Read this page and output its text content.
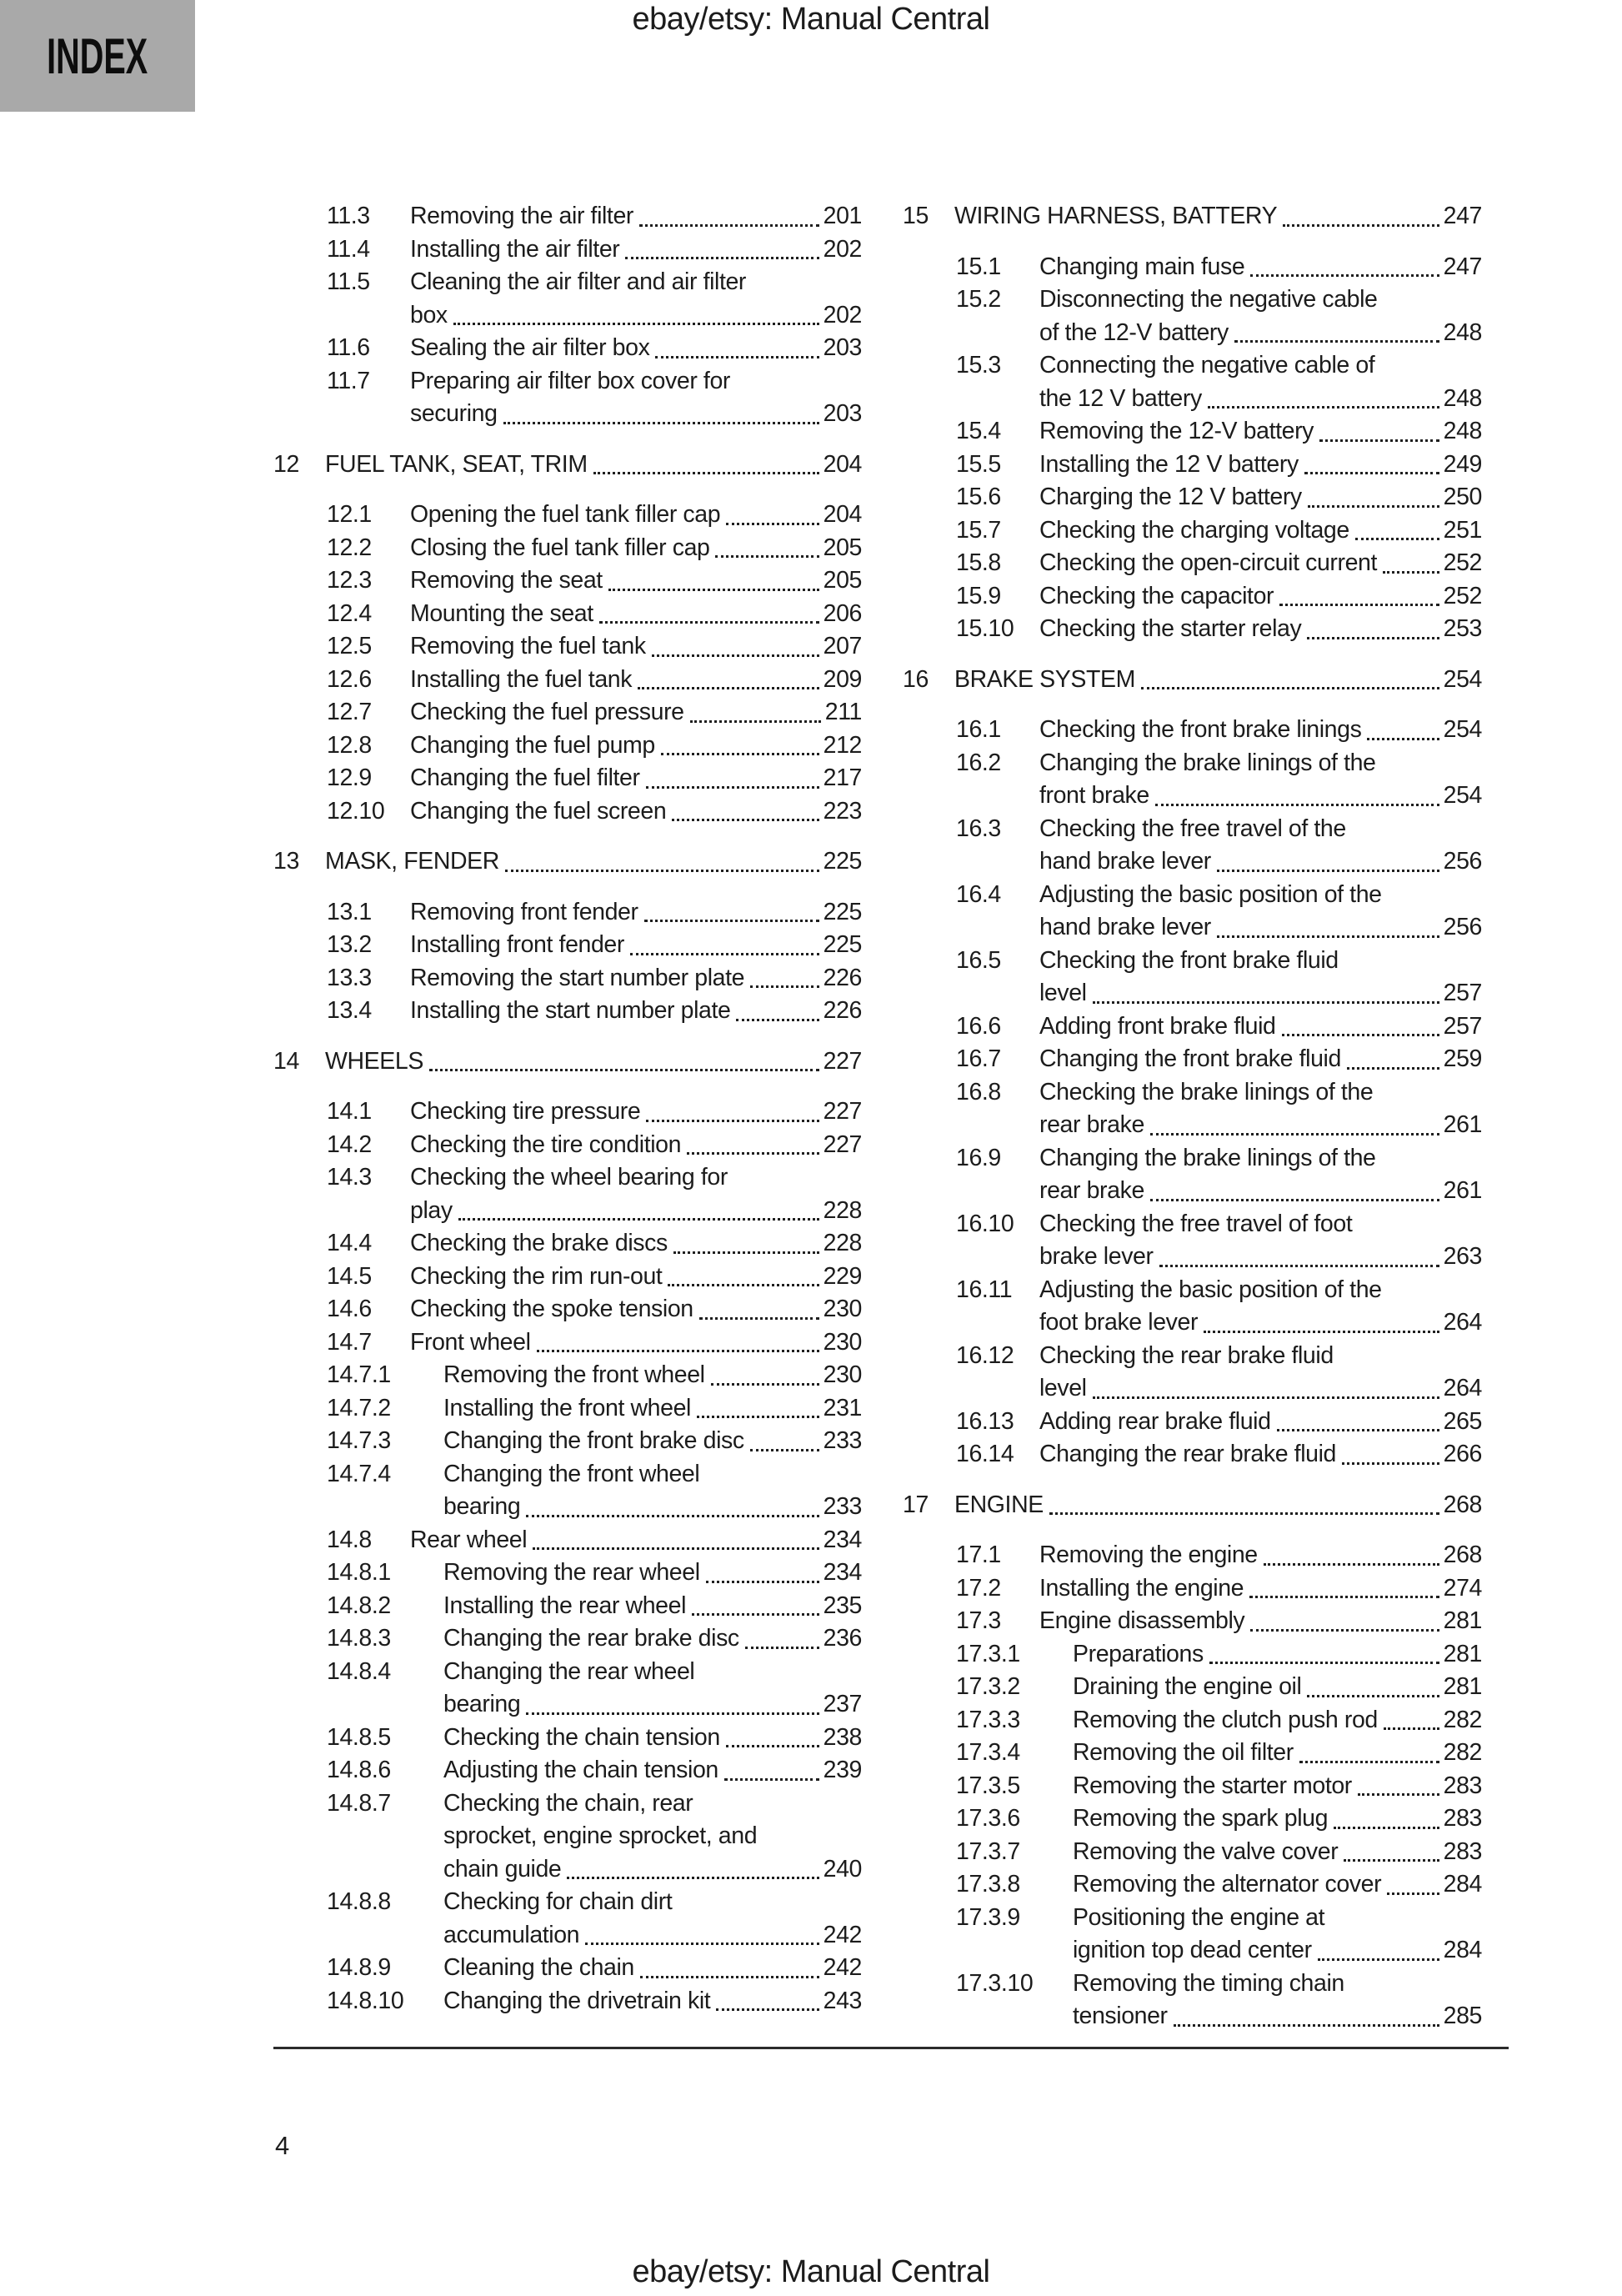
ebay/etsy: Manual Central
INDEX
11.3	Removing the air filter	201
11.4	Installing the air filter	202
11.5	Cleaning the air filter and air filter
box	202
11.6	Sealing the air filter box	203
11.7	Preparing air filter box cover for
securing	203
12	FUEL TANK, SEAT, TRIM	204
12.1	Opening the fuel tank filler cap	204
12.2	Closing the fuel tank filler cap	205
12.3	Removing the seat	205
12.4	Mounting the seat	206
12.5	Removing the fuel tank	207
12.6	Installing the fuel tank	209
12.7	Checking the fuel pressure	211
12.8	Changing the fuel pump	212
12.9	Changing the fuel filter	217
12.10	Changing the fuel screen	223
13	MASK, FENDER	225
13.1	Removing front fender	225
13.2	Installing front fender	225
13.3	Removing the start number plate	226
13.4	Installing the start number plate	226
14	WHEELS	227
14.1	Checking tire pressure	227
14.2	Checking the tire condition	227
14.3	Checking the wheel bearing for
play	228
14.4	Checking the brake discs	228
14.5	Checking the rim run-out	229
14.6	Checking the spoke tension	230
14.7	Front wheel	230
14.7.1	Removing the front wheel	230
14.7.2	Installing the front wheel	231
14.7.3	Changing the front brake disc	233
14.7.4	Changing the front wheel
bearing	233
14.8	Rear wheel	234
14.8.1	Removing the rear wheel	234
14.8.2	Installing the rear wheel	235
14.8.3	Changing the rear brake disc	236
14.8.4	Changing the rear wheel
bearing	237
14.8.5	Checking the chain tension	238
14.8.6	Adjusting the chain tension	239
14.8.7	Checking the chain, rear
sprocket, engine sprocket, and
chain guide	240
14.8.8	Checking for chain dirt
accumulation	242
14.8.9	Cleaning the chain	242
14.8.10	Changing the drivetrain kit	243
15	WIRING HARNESS, BATTERY	247
15.1	Changing main fuse	247
15.2	Disconnecting the negative cable
of the 12-V battery	248
15.3	Connecting the negative cable of
the 12 V battery	248
15.4	Removing the 12-V battery	248
15.5	Installing the 12 V battery	249
15.6	Charging the 12 V battery	250
15.7	Checking the charging voltage	251
15.8	Checking the open-circuit current	252
15.9	Checking the capacitor	252
15.10	Checking the starter relay	253
16	BRAKE SYSTEM	254
16.1	Checking the front brake linings	254
16.2	Changing the brake linings of the
front brake	254
16.3	Checking the free travel of the
hand brake lever	256
16.4	Adjusting the basic position of the
hand brake lever	256
16.5	Checking the front brake fluid
level	257
16.6	Adding front brake fluid	257
16.7	Changing the front brake fluid	259
16.8	Checking the brake linings of the
rear brake	261
16.9	Changing the brake linings of the
rear brake	261
16.10	Checking the free travel of foot
brake lever	263
16.11	Adjusting the basic position of the
foot brake lever	264
16.12	Checking the rear brake fluid
level	264
16.13	Adding rear brake fluid	265
16.14	Changing the rear brake fluid	266
17	ENGINE	268
17.1	Removing the engine	268
17.2	Installing the engine	274
17.3	Engine disassembly	281
17.3.1	Preparations	281
17.3.2	Draining the engine oil	281
17.3.3	Removing the clutch push rod	282
17.3.4	Removing the oil filter	282
17.3.5	Removing the starter motor	283
17.3.6	Removing the spark plug	283
17.3.7	Removing the valve cover	283
17.3.8	Removing the alternator cover	284
17.3.9	Positioning the engine at
ignition top dead center	284
17.3.10	Removing the timing chain
tensioner	285
4
ebay/etsy: Manual Central
